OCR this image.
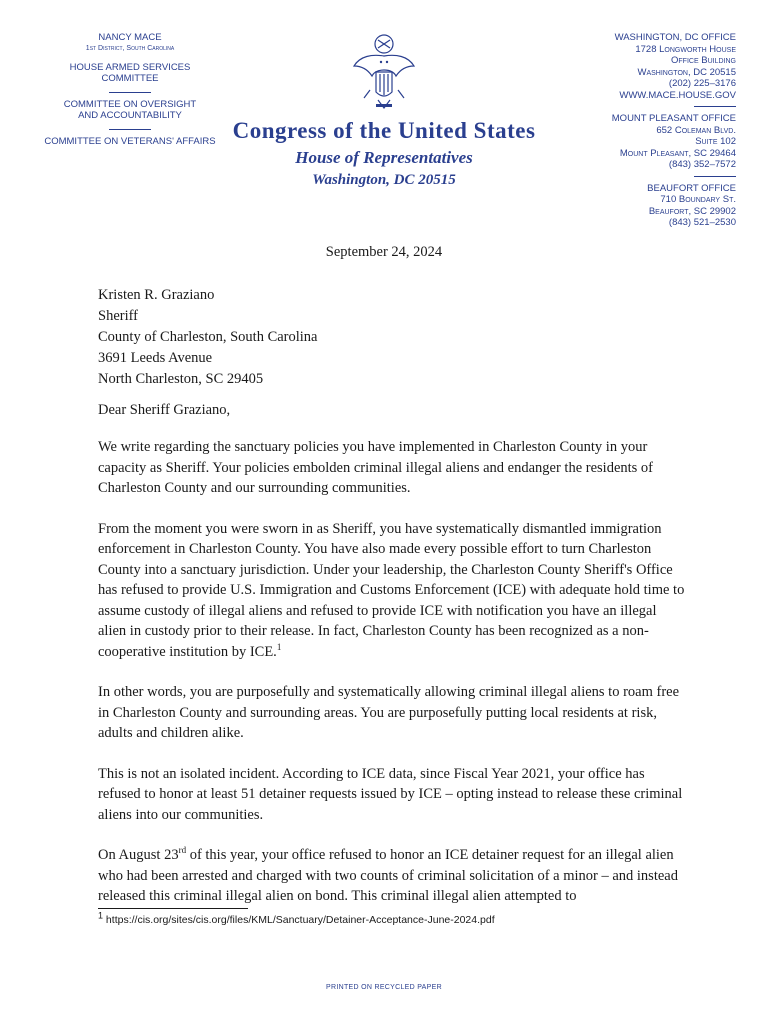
NANCY MACE
1st District, South Carolina
HOUSE ARMED SERVICES
COMMITTEE
COMMITTEE ON OVERSIGHT
AND ACCOUNTABILITY
COMMITTEE ON VETERANS' AFFAIRS Congress of the United States
House of Representatives
Washington, DC 20515
WASHINGTON, DC OFFICE
1728 Longworth House
Office Building
Washington, DC 20515
(202) 225–3176
WWW.MACE.HOUSE.GOV
MOUNT PLEASANT OFFICE
652 Coleman Blvd.
Suite 102
Mount Pleasant, SC 29464
(843) 352–7572
BEAUFORT OFFICE
710 Boundary St.
Beaufort, SC 29902
(843) 521–2530
September 24, 2024
Kristen R. Graziano
Sheriff
County of Charleston, South Carolina
3691 Leeds Avenue
North Charleston, SC 29405
Dear Sheriff Graziano,

We write regarding the sanctuary policies you have implemented in Charleston County in your capacity as Sheriff. Your policies embolden criminal illegal aliens and endanger the residents of Charleston County and our surrounding communities.

From the moment you were sworn in as Sheriff, you have systematically dismantled immigration enforcement in Charleston County. You have also made every possible effort to turn Charleston County into a sanctuary jurisdiction. Under your leadership, the Charleston County Sheriff's Office has refused to provide U.S. Immigration and Customs Enforcement (ICE) with adequate hold time to assume custody of illegal aliens and refused to provide ICE with notification you have an illegal alien in custody prior to their release. In fact, Charleston County has been recognized as a non-cooperative institution by ICE.$^1$

In other words, you are purposefully and systematically allowing criminal illegal aliens to roam free in Charleston County and surrounding areas. You are purposefully putting local residents at risk, adults and children alike.

This is not an isolated incident. According to ICE data, since Fiscal Year 2021, your office has refused to honor at least 51 detainer requests issued by ICE – opting instead to release these criminal aliens into our communities.

On August 23rd of this year, your office refused to honor an ICE detainer request for an illegal alien who had been arrested and charged with two counts of criminal solicitation of a minor – and instead released this criminal illegal alien on bond. This criminal illegal alien attempted to

$^1$ https://cis.org/sites/cis.org/files/KML/Sanctuary/Detainer-Acceptance-June-2024.pdf
PRINTED ON RECYCLED PAPER
